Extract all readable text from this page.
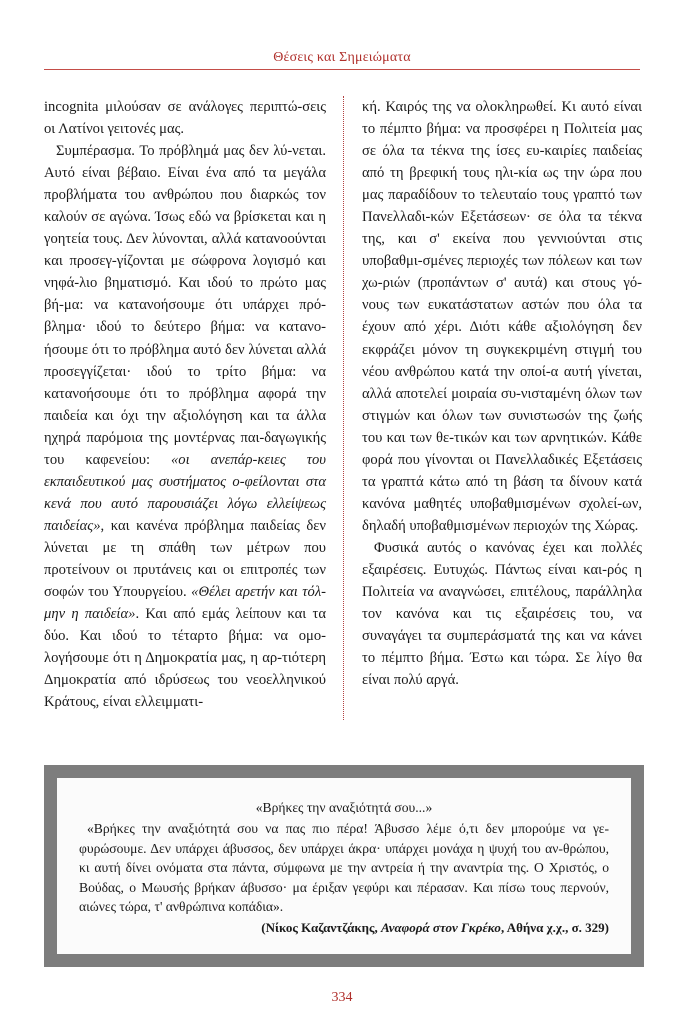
Θέσεις και Σημειώματα

incognita μιλούσαν σε ανάλογες περιπτώ-σεις οι Λατίνοι γειτονές μας.

Συμπέρασμα. Το πρόβλημά μας δεν λύ-νεται. Αυτό είναι βέβαιο. Είναι ένα από τα μεγάλα προβλήματα του ανθρώπου που διαρκώς τον καλούν σε αγώνα. Ίσως εδώ να βρίσκεται και η γοητεία τους. Δεν λύνονται, αλλά κατανοούνται και προσεγ-γίζονται με σώφρονα λογισμό και νηφά-λιο βηματισμό. Και ιδού το πρώτο μας βή-μα: να κατανοήσουμε ότι υπάρχει πρό-βλημα· ιδού το δεύτερο βήμα: να κατανο-ήσουμε ότι το πρόβλημα αυτό δεν λύνεται αλλά προσεγγίζεται· ιδού το τρίτο βήμα: να κατανοήσουμε ότι το πρόβλημα αφορά την παιδεία και όχι την αξιολόγηση και τα άλλα ηχηρά παρόμοια της μοντέρνας παι-δαγωγικής του καφενείου: «οι ανεπάρ-κειες του εκπαιδευτικού μας συστήματος ο-φείλονται στα κενά που αυτό παρουσιάζει λόγω ελλείψεως παιδείας», και κανένα πρόβλημα παιδείας δεν λύνεται με τη σπάθη των μέτρων που προτείνουν οι πρυτάνεις και οι επιτροπές των σοφών του Υπουργείου. «Θέλει αρετήν και τόλ-μην η παιδεία». Και από εμάς λείπουν και τα δύο. Και ιδού το τέταρτο βήμα: να ομο-λογήσουμε ότι η Δημοκρατία μας, η αρ-τιότερη Δημοκρατία από ιδρύσεως του νεοελληνικού Κράτους, είναι ελλειμματι-

κή. Καιρός της να ολοκληρωθεί. Κι αυτό είναι το πέμπτο βήμα: να προσφέρει η Πολιτεία μας σε όλα τα τέκνα της ίσες ευ-καιρίες παιδείας από τη βρεφική τους ηλι-κία ως την ώρα που μας παραδίδουν το τελευταίο τους γραπτό των Πανελλαδι-κών Εξετάσεων· σε όλα τα τέκνα της, και σ' εκείνα που γεννιούνται στις υποβαθμι-σμένες περιοχές των πόλεων και των χω-ριών (προπάντων σ' αυτά) και στους γό-νους των ευκατάστατων αστών που όλα τα έχουν από χέρι. Διότι κάθε αξιολόγηση δεν εκφράζει μόνον τη συγκεκριμένη στιγμή του νέου ανθρώπου κατά την οποί-α αυτή γίνεται, αλλά αποτελεί μοιραία συ-νισταμένη όλων των στιγμών και όλων των συνιστωσών της ζωής του και των θε-τικών και των αρνητικών. Κάθε φορά που γίνονται οι Πανελλαδικές Εξετάσεις τα γραπτά κάτω από τη βάση τα δίνουν κατά κανόνα μαθητές υποβαθμισμένων σχολεί-ων, δηλαδή υποβαθμισμένων περιοχών της Χώρας.

Φυσικά αυτός ο κανόνας έχει και πολλές εξαιρέσεις. Ευτυχώς. Πάντως είναι και-ρός η Πολιτεία να αναγνώσει, επιτέλους, παράλληλα τον κανόνα και τις εξαιρέσεις του, να συναγάγει τα συμπεράσματά της και να κάνει το πέμπτο βήμα. Έστω και τώρα. Σε λίγο θα είναι πολύ αργά.

«Βρήκες την αναξιότητά σου...»

«Βρήκες την αναξιότητά σου να πας πιο πέρα! Άβυσσο λέμε ό,τι δεν μπορούμε να γε-φυρώσουμε. Δεν υπάρχει άβυσσος, δεν υπάρχει άκρα· υπάρχει μονάχα η ψυχή του αν-θρώπου, κι αυτή δίνει ονόματα στα πάντα, σύμφωνα με την αντρεία ή την αναντρία της. Ο Χριστός, ο Βούδας, ο Μωυσής βρήκαν άβυσσο· μα έριξαν γεφύρι και πέρασαν. Και πίσω τους περνούν, αιώνες τώρα, τ' ανθρώπινα κοπάδια».

(Νίκος Καζαντζάκης, Αναφορά στον Γκρέκο, Αθήνα χ.χ., σ. 329)

334
